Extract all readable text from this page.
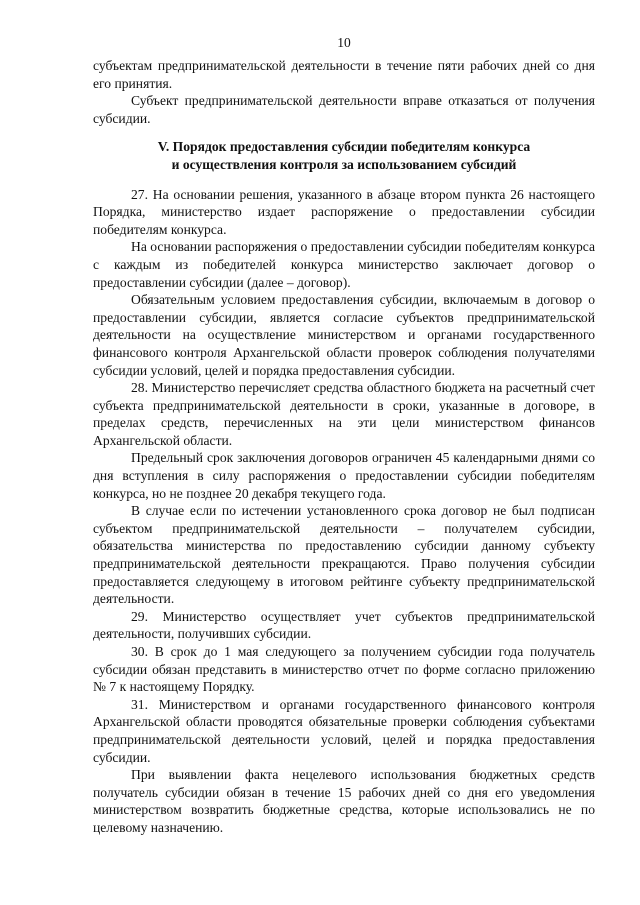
10

субъектам предпринимательской деятельности в течение пяти рабочих дней со дня его принятия.

Субъект предпринимательской деятельности вправе отказаться от получения субсидии.

V. Порядок предоставления субсидии победителям конкурса
и осуществления контроля за использованием субсидий

27. На основании решения, указанного в абзаце втором пункта 26 настоящего Порядка, министерство издает распоряжение о предоставлении субсидии победителям конкурса.

На основании распоряжения о предоставлении субсидии победителям конкурса с каждым из победителей конкурса министерство заключает договор о предоставлении субсидии (далее – договор).

Обязательным условием предоставления субсидии, включаемым в договор о предоставлении субсидии, является согласие субъектов предпринимательской деятельности на осуществление министерством и органами государственного финансового контроля Архангельской области проверок соблюдения получателями субсидии условий, целей и порядка предоставления субсидии.

28. Министерство перечисляет средства областного бюджета на расчетный счет субъекта предпринимательской деятельности в сроки, указанные в договоре, в пределах средств, перечисленных на эти цели министерством финансов Архангельской области.

Предельный срок заключения договоров ограничен 45 календарными днями со дня вступления в силу распоряжения о предоставлении субсидии победителям конкурса, но не позднее 20 декабря текущего года.

В случае если по истечении установленного срока договор не был подписан субъектом предпринимательской деятельности – получателем субсидии, обязательства министерства по предоставлению субсидии данному субъекту предпринимательской деятельности прекращаются. Право получения субсидии предоставляется следующему в итоговом рейтинге субъекту предпринимательской деятельности.

29. Министерство осуществляет учет субъектов предпринимательской деятельности, получивших субсидии.

30. В срок до 1 мая следующего за получением субсидии года получатель субсидии обязан представить в министерство отчет по форме согласно приложению № 7 к настоящему Порядку.

31. Министерством и органами государственного финансового контроля Архангельской области проводятся обязательные проверки соблюдения субъектами предпринимательской деятельности условий, целей и порядка предоставления субсидии.

При выявлении факта нецелевого использования бюджетных средств получатель субсидии обязан в течение 15 рабочих дней со дня его уведомления министерством возвратить бюджетные средства, которые использовались не по целевому назначению.
